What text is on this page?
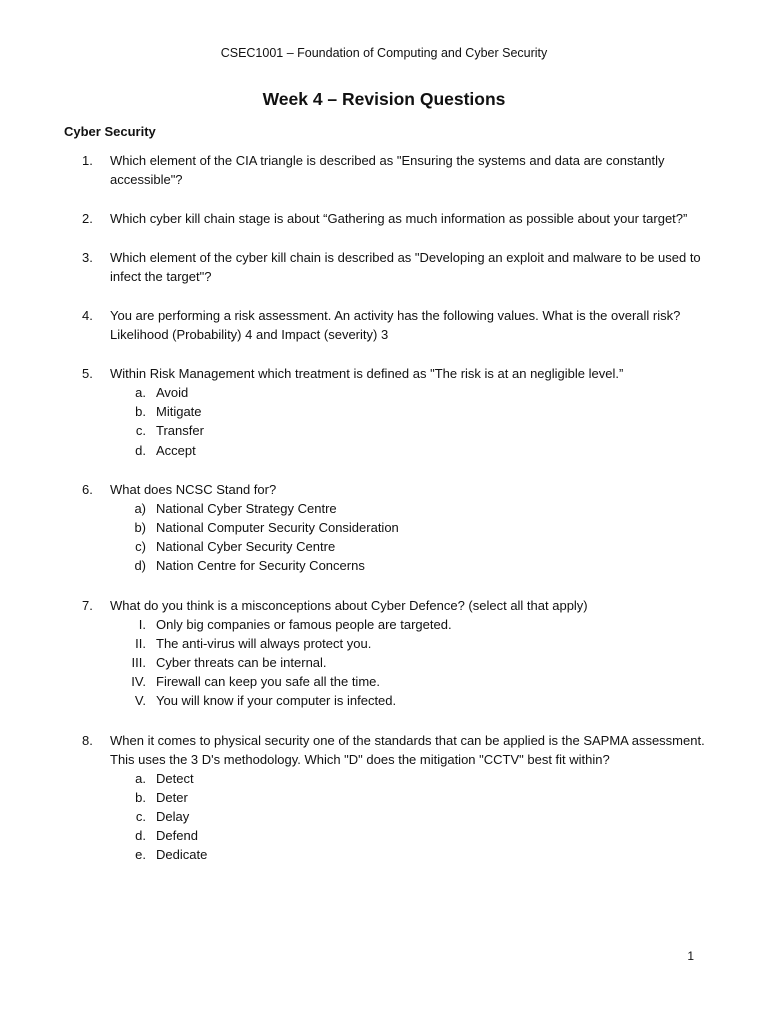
CSEC1001 – Foundation of Computing and Cyber Security
Week 4 – Revision Questions
Cyber Security
1.	Which element of the CIA triangle is described as "Ensuring the systems and data are constantly accessible"?
2.	Which cyber kill chain stage is about “Gathering as much information as possible about your target?”
3.	Which element of the cyber kill chain is described as "Developing an exploit and malware to be used to infect the target"?
4.	You are performing a risk assessment. An activity has the following values. What is the overall risk?
Likelihood (Probability) 4 and Impact (severity) 3
5.	Within Risk Management which treatment is defined as "The risk is at an negligible level.”
a. Avoid
b. Mitigate
c. Transfer
d. Accept
6.	What does NCSC Stand for?
a) National Cyber Strategy Centre
b) National Computer Security Consideration
c) National Cyber Security Centre
d) Nation Centre for Security Concerns
7.	What do you think is a misconceptions about Cyber Defence? (select all that apply)
I. Only big companies or famous people are targeted.
II. The anti-virus will always protect you.
III. Cyber threats can be internal.
IV. Firewall can keep you safe all the time.
V. You will know if your computer is infected.
8.	When it comes to physical security one of the standards that can be applied is the SAPMA assessment. This uses the 3 D's methodology. Which "D" does the mitigation "CCTV" best fit within?
a. Detect
b. Deter
c. Delay
d. Defend
e. Dedicate
1
